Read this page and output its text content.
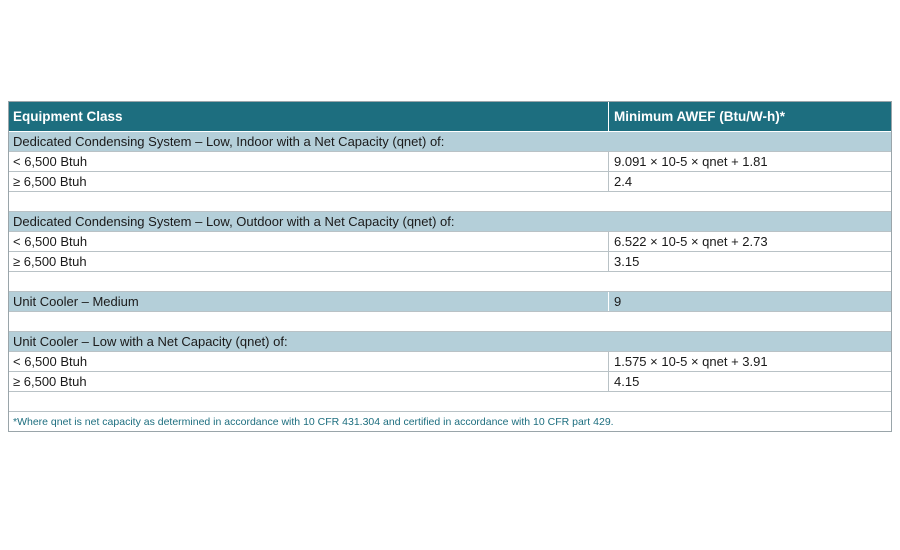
Equipment Class	Minimum AWEF (Btu/W-h)*
Dedicated Condensing System – Low, Indoor with a Net Capacity (qnet) of:
< 6,500 Btuh	9.091 × 10-5 × qnet + 1.81
≥ 6,500 Btuh	2.4
Dedicated Condensing System – Low, Outdoor with a Net Capacity (qnet) of:
< 6,500 Btuh	6.522 × 10-5 × qnet + 2.73
≥ 6,500 Btuh	3.15
Unit Cooler – Medium	9
Unit Cooler – Low with a Net Capacity (qnet) of:
< 6,500 Btuh	1.575 × 10-5 × qnet + 3.91
≥ 6,500 Btuh	4.15
*Where qnet is net capacity as determined in accordance with 10 CFR 431.304 and certified in accordance with 10 CFR part 429.
